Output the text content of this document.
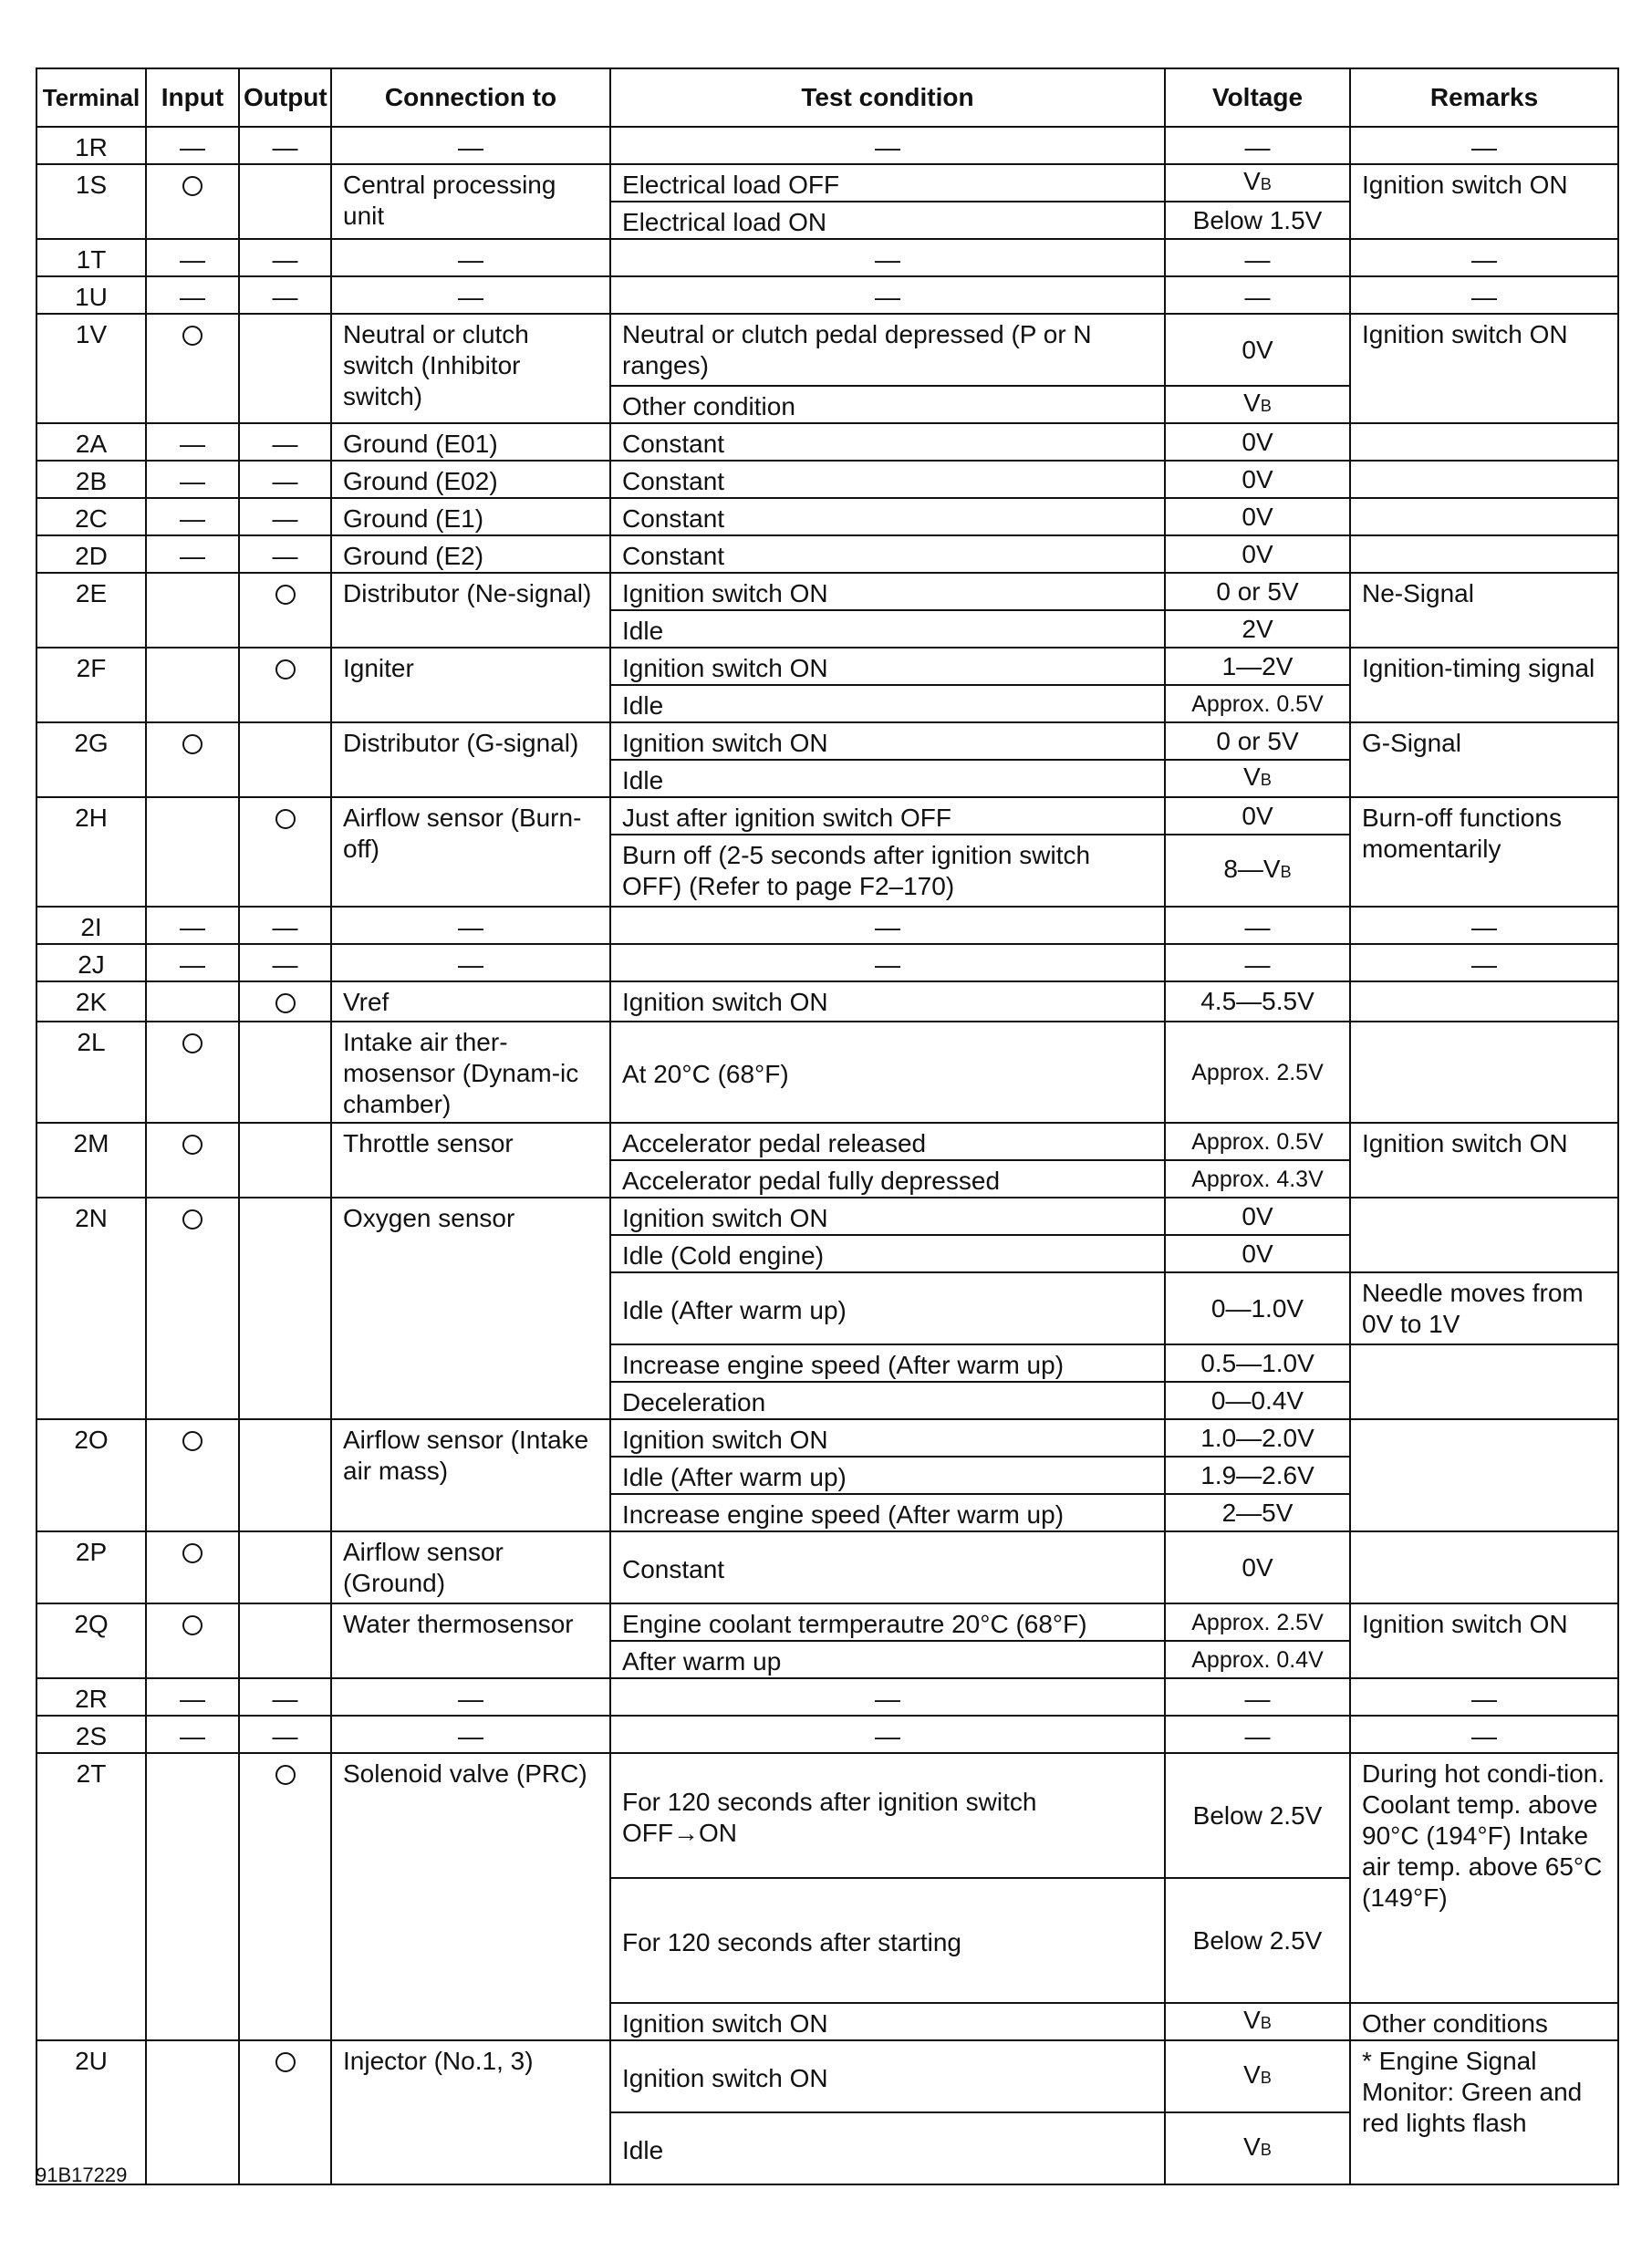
Terminal	Input	Output	Connection to	Test condition	Voltage	Remarks
1R	—	—	—	—	—	—
1S			Central processing unit	Electrical load OFF	VB	Ignition switch ON
				Electrical load ON	Below 1.5V	
1T	—	—	—	—	—	—
1U	—	—	—	—	—	—
1V			Neutral or clutch switch (Inhibitor switch)	Neutral or clutch pedal depressed (P or N ranges)	0V	Ignition switch ON
				Other condition	VB	
2A	—	—	Ground (E01)	Constant	0V	
2B	—	—	Ground (E02)	Constant	0V	
2C	—	—	Ground (E1)	Constant	0V	
2D	—	—	Ground (E2)	Constant	0V	
2E			Distributor (Ne-signal)	Ignition switch ON	0 or 5V	Ne-Signal
				Idle	2V	
2F			Igniter	Ignition switch ON	1—2V	Ignition-timing signal
				Idle	Approx. 0.5V	
2G			Distributor (G-signal)	Ignition switch ON	0 or 5V	G-Signal
				Idle	VB	
2H			Airflow sensor (Burn-off)	Just after ignition switch OFF	0V	Burn-off functions momentarily
				Burn off (2-5 seconds after ignition switch OFF) (Refer to page F2–170)	8—VB	
2I	—	—	—	—	—	—
2J	—	—	—	—	—	—
2K			Vref	Ignition switch ON	4.5—5.5V	
2L			Intake air ther-mosensor (Dynam-ic chamber)	At 20°C (68°F)	Approx. 2.5V	
2M			Throttle sensor	Accelerator pedal released	Approx. 0.5V	Ignition switch ON
				Accelerator pedal fully depressed	Approx. 4.3V	
2N			Oxygen sensor	Ignition switch ON	0V	
				Idle (Cold engine)	0V	
				Idle (After warm up)	0—1.0V	Needle moves from 0V to 1V
				Increase engine speed (After warm up)	0.5—1.0V	
				Deceleration	0—0.4V	
2O			Airflow sensor (Intake air mass)	Ignition switch ON	1.0—2.0V	
				Idle (After warm up)	1.9—2.6V	
				Increase engine speed (After warm up)	2—5V	
2P			Airflow sensor (Ground)	Constant	0V	
2Q			Water thermosensor	Engine coolant termperautre 20°C (68°F)	Approx. 2.5V	Ignition switch ON
				After warm up	Approx. 0.4V	
2R	—	—	—	—	—	—
2S	—	—	—	—	—	—
2T			Solenoid valve (PRC)	For 120 seconds after ignition switch OFF→ON	Below 2.5V	During hot condi-tion. Coolant temp. above 90°C (194°F) Intake air temp. above 65°C (149°F)
				For 120 seconds after starting	Below 2.5V	
				Ignition switch ON	VB	Other conditions
2U			Injector (No.1, 3)	Ignition switch ON	VB	* Engine Signal Monitor: Green and red lights flash
				Idle	VB	
91B17229
